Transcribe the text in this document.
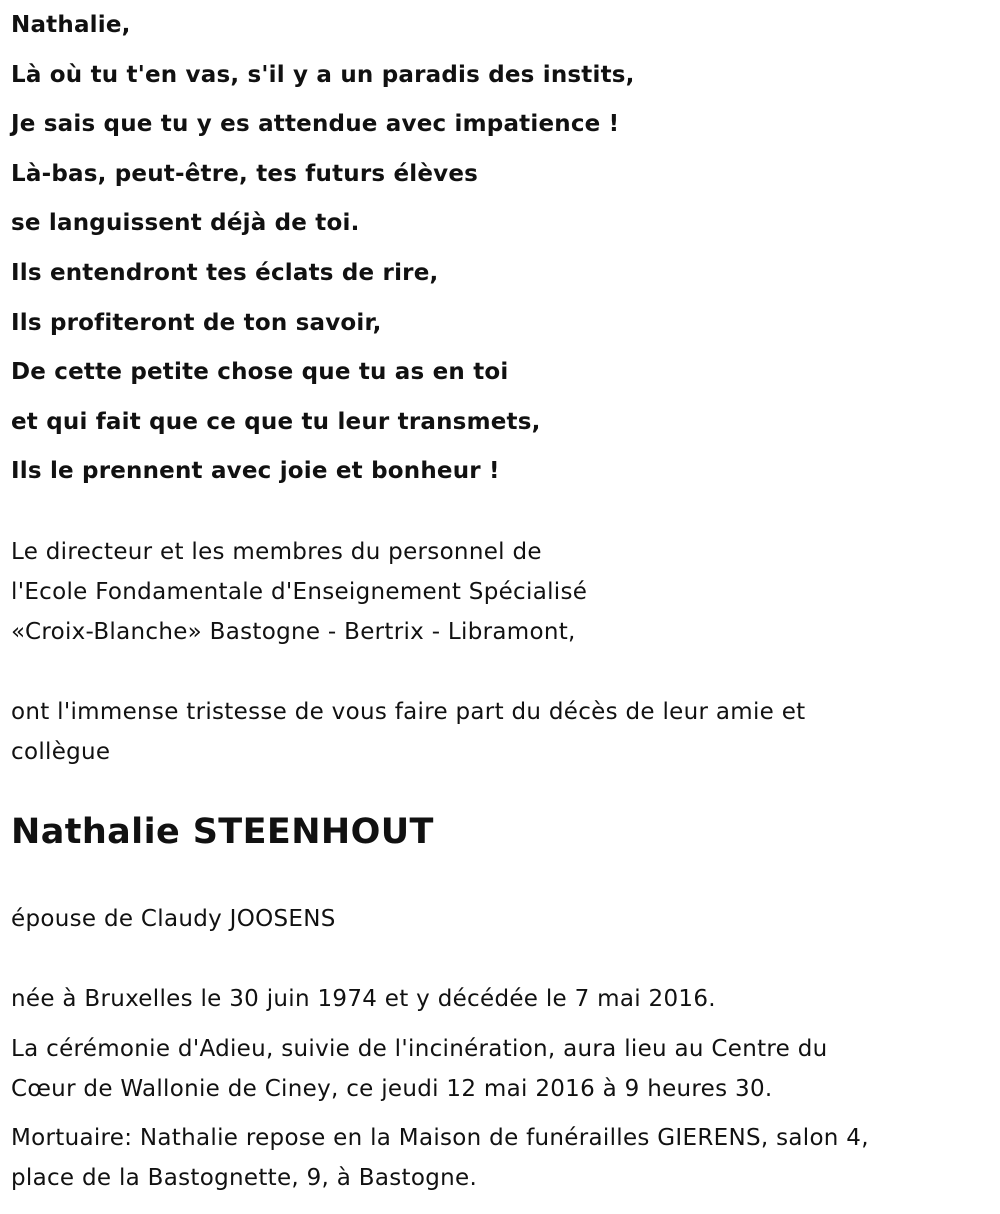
Nathalie,
Là où tu t'en vas, s'il y a un paradis des instits,
Je sais que tu y es attendue avec impatience !
Là-bas, peut-être, tes futurs élèves
se languissent déjà de toi.
Ils entendront tes éclats de rire,
Ils profiteront de ton savoir,
De cette petite chose que tu as en toi
et qui fait que ce que tu leur transmets,
Ils le prennent avec joie et bonheur !

Le directeur et les membres du personnel de
l'Ecole Fondamentale d'Enseignement Spécialisé
«Croix-Blanche» Bastogne - Bertrix - Libramont,

ont l'immense tristesse de vous faire part du décès de leur amie et
collègue

Nathalie STEENHOUT

épouse de Claudy JOOSENS

née à Bruxelles le 30 juin 1974 et y décédée le 7 mai 2016.

La cérémonie d'Adieu, suivie de l'incinération, aura lieu au Centre du
Cœur de Wallonie de Ciney, ce jeudi 12 mai 2016 à 9 heures 30.

Mortuaire: Nathalie repose en la Maison de funérailles GIERENS, salon 4,
place de la Bastognette, 9, à Bastogne.
